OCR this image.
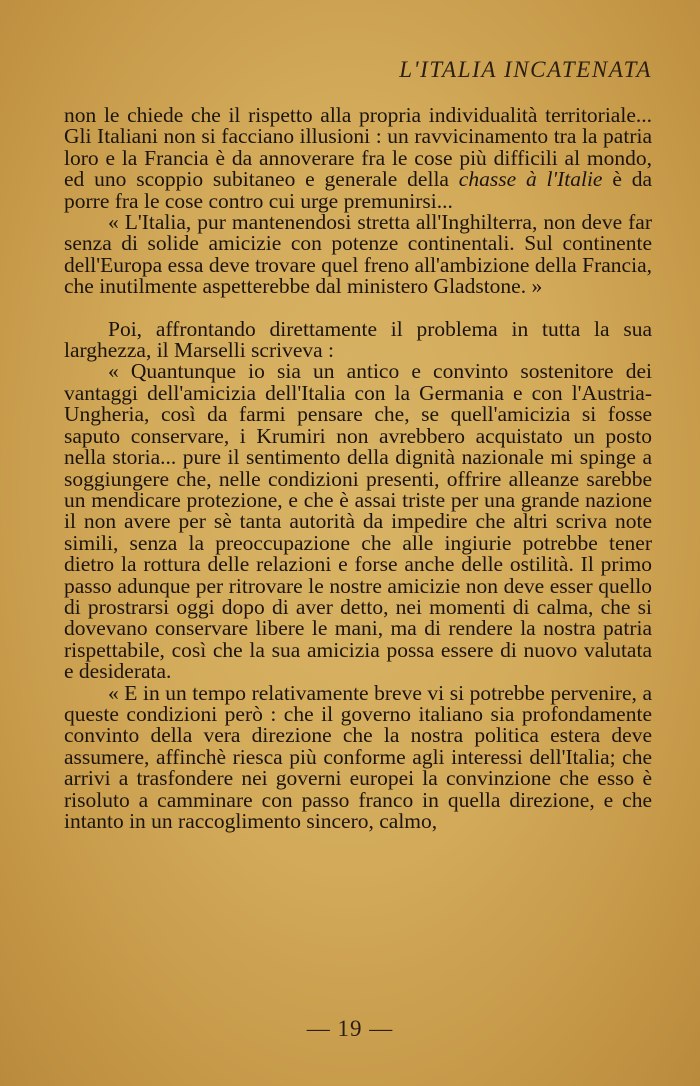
L'ITALIA INCATENATA

non le chiede che il rispetto alla propria individualità territoriale... Gli Italiani non si facciano illusioni : un ravvicinamento tra la patria loro e la Francia è da annoverare fra le cose più difficili al mondo, ed uno scoppio subitaneo e generale della chasse à l'Italie è da porre fra le cose contro cui urge premunirsi...

« L'Italia, pur mantenendosi stretta all'Inghilterra, non deve far senza di solide amicizie con potenze continentali. Sul continente dell'Europa essa deve trovare quel freno all'ambizione della Francia, che inutilmente aspetterebbe dal ministero Gladstone. »

Poi, affrontando direttamente il problema in tutta la sua larghezza, il Marselli scriveva :

« Quantunque io sia un antico e convinto sostenitore dei vantaggi dell'amicizia dell'Italia con la Germania e con l'Austria-Ungheria, così da farmi pensare che, se quell'amicizia si fosse saputo conservare, i Krumiri non avrebbero acquistato un posto nella storia... pure il sentimento della dignità nazionale mi spinge a soggiungere che, nelle condizioni presenti, offrire alleanze sarebbe un mendicare protezione, e che è assai triste per una grande nazione il non avere per sè tanta autorità da impedire che altri scriva note simili, senza la preoccupazione che alle ingiurie potrebbe tener dietro la rottura delle relazioni e forse anche delle ostilità. Il primo passo adunque per ritrovare le nostre amicizie non deve esser quello di prostrarsi oggi dopo di aver detto, nei momenti di calma, che si dovevano conservare libere le mani, ma di rendere la nostra patria rispettabile, così che la sua amicizia possa essere di nuovo valutata e desiderata.

« E in un tempo relativamente breve vi si potrebbe pervenire, a queste condizioni però : che il governo italiano sia profondamente convinto della vera direzione che la nostra politica estera deve assumere, affinchè riesca più conforme agli interessi dell'Italia; che arrivi a trasfondere nei governi europei la convinzione che esso è risoluto a camminare con passo franco in quella direzione, e che intanto in un raccoglimento sincero, calmo,

— 19 —
